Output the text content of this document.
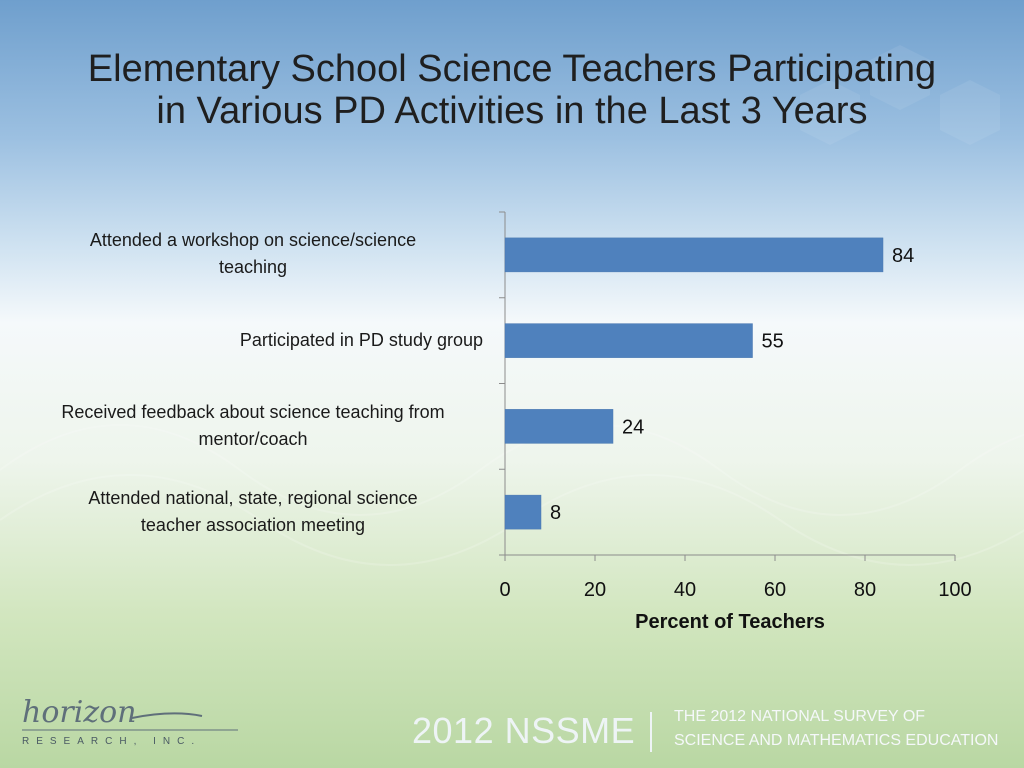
Elementary School Science Teachers Participating
in Various PD Activities in the Last 3 Years
0	20	40	60	80	100
84
55
24
8
Attended a workshop on science/science
teaching
Participated in PD study group
Received feedback about science teaching from
mentor/coach
Attended national, state, regional science
teacher association meeting
Percent of Teachers
horizon
RESEARCH, INC.	2012 NSSME THE 2012 NATIONAL SURVEY OF
SCIENCE AND MATHEMATICS EDUCATION
